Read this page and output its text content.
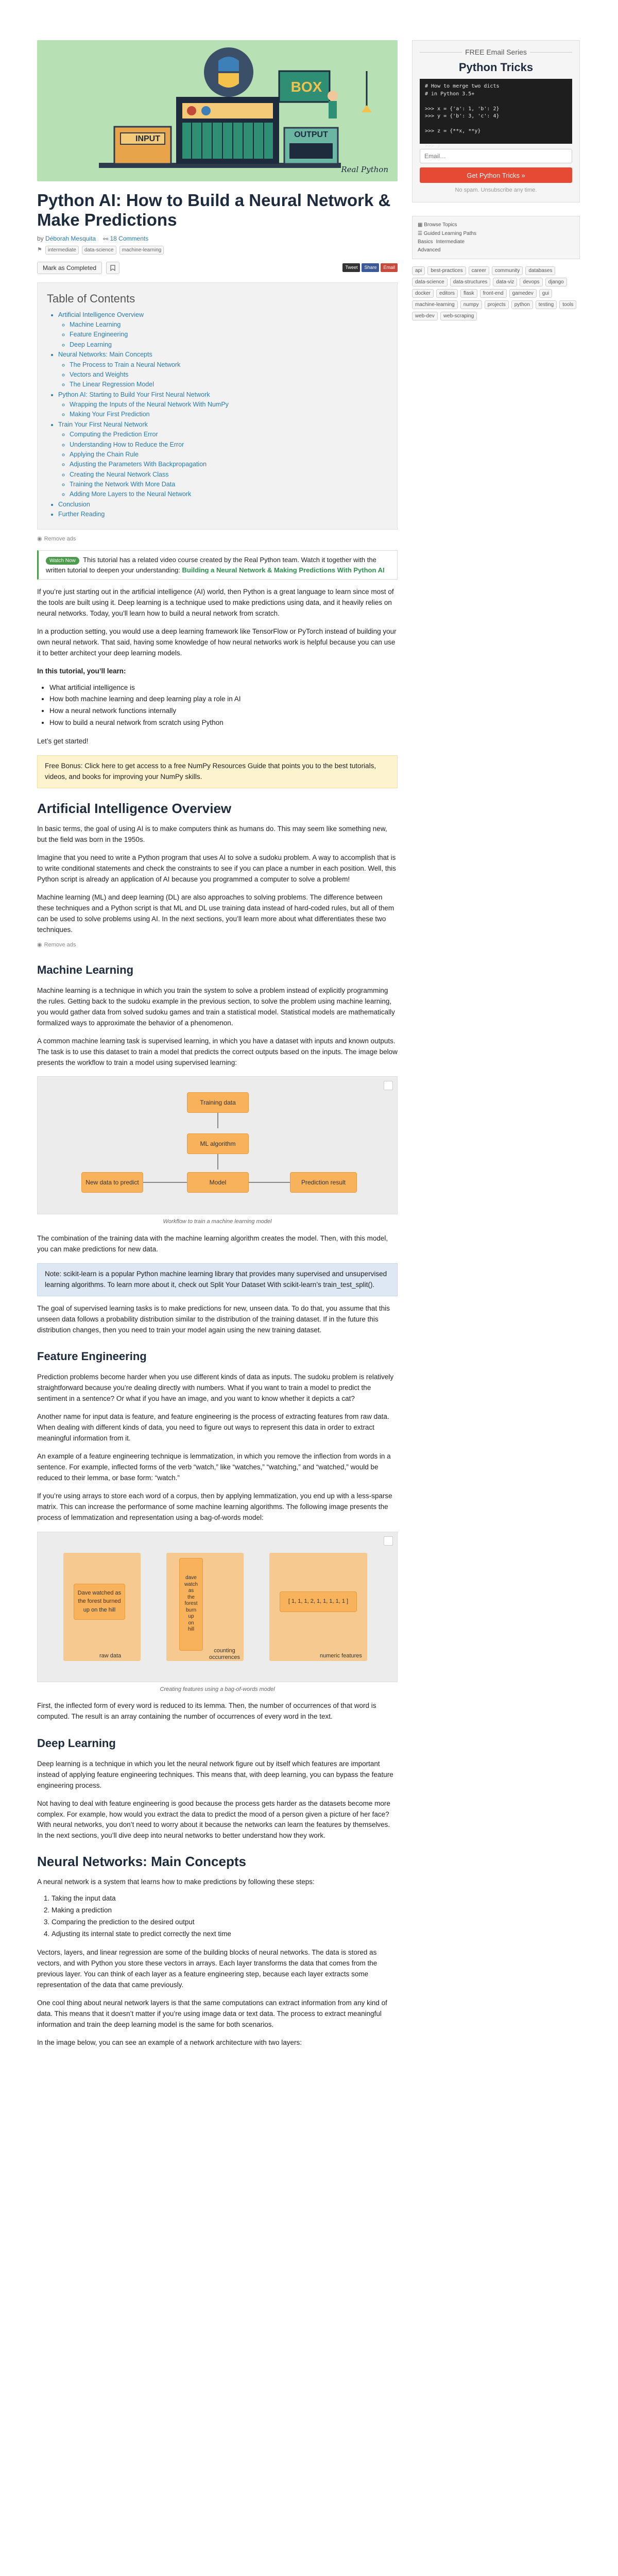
INPUT
BOX
OUTPUT
Real Python
Python AI: How to Build a Neural Network & Make Predictions
by Déborah Mesquita ⚯ 18 Comments
⚑	intermediate	data-science	machine-learning
Mark as Completed	Tweet	Share	Email
Table of Contents
• Artificial Intelligence Overview
◦ Machine Learning
◦ Feature Engineering
◦ Deep Learning
• Neural Networks: Main Concepts
◦ The Process to Train a Neural Network
◦ Vectors and Weights
◦ The Linear Regression Model
• Python AI: Starting to Build Your First Neural Network
◦ Wrapping the Inputs of the Neural Network With NumPy
◦ Making Your First Prediction
• Train Your First Neural Network
◦ Computing the Prediction Error
◦ Understanding How to Reduce the Error
◦ Applying the Chain Rule
◦ Adjusting the Parameters With Backpropagation
◦ Creating the Neural Network Class
◦ Training the Network With More Data
◦ Adding More Layers to the Neural Network
• Conclusion
• Further Reading
◉ Remove ads
Watch Now This tutorial has a related video course created by the Real Python team. Watch it together with the written tutorial to deepen your understanding: Building a Neural Network & Making Predictions With Python AI

If you’re just starting out in the artificial intelligence (AI) world, then Python is a great language to learn since most of the tools are built using it. Deep learning is a technique used to make predictions using data, and it heavily relies on neural networks. Today, you’ll learn how to build a neural network from scratch.

In a production setting, you would use a deep learning framework like TensorFlow or PyTorch instead of building your own neural network. That said, having some knowledge of how neural networks work is helpful because you can use it to better architect your deep learning models.

In this tutorial, you’ll learn:

• What artificial intelligence is
• How both machine learning and deep learning play a role in AI
• How a neural network functions internally
• How to build a neural network from scratch using Python

Let’s get started!

Free Bonus: Click here to get access to a free NumPy Resources Guide that points you to the best tutorials, videos, and books for improving your NumPy skills.
Artificial Intelligence Overview

In basic terms, the goal of using AI is to make computers think as humans do. This may seem like something new, but the field was born in the 1950s.

Imagine that you need to write a Python program that uses AI to solve a sudoku problem. A way to accomplish that is to write conditional statements and check the constraints to see if you can place a number in each position. Well, this Python script is already an application of AI because you programmed a computer to solve a problem!

Machine learning (ML) and deep learning (DL) are also approaches to solving problems. The difference between these techniques and a Python script is that ML and DL use training data instead of hard-coded rules, but all of them can be used to solve problems using AI. In the next sections, you’ll learn more about what differentiates these two techniques.

◉ Remove ads
Machine Learning

Machine learning is a technique in which you train the system to solve a problem instead of explicitly programming the rules. Getting back to the sudoku example in the previous section, to solve the problem using machine learning, you would gather data from solved sudoku games and train a statistical model. Statistical models are mathematically formalized ways to approximate the behavior of a phenomenon.

A common machine learning task is supervised learning, in which you have a dataset with inputs and known outputs. The task is to use this dataset to train a model that predicts the correct outputs based on the inputs. The image below presents the workflow to train a model using supervised learning:

Training data
ML algorithm
New data to predict	Model	Prediction result
Workflow to train a machine learning model

The combination of the training data with the machine learning algorithm creates the model. Then, with this model, you can make predictions for new data.

Note: scikit-learn is a popular Python machine learning library that provides many supervised and unsupervised learning algorithms. To learn more about it, check out Split Your Dataset With scikit-learn’s train_test_split().

The goal of supervised learning tasks is to make predictions for new, unseen data. To do that, you assume that this unseen data follows a probability distribution similar to the distribution of the training dataset. If in the future this distribution changes, then you need to train your model again using the new training dataset.

Feature Engineering

Prediction problems become harder when you use different kinds of data as inputs. The sudoku problem is relatively straightforward because you’re dealing directly with numbers. What if you want to train a model to predict the sentiment in a sentence? Or what if you have an image, and you want to know whether it depicts a cat?

Another name for input data is feature, and feature engineering is the process of extracting features from raw data. When dealing with different kinds of data, you need to figure out ways to represent this data in order to extract meaningful information from it.

An example of a feature engineering technique is lemmatization, in which you remove the inflection from words in a sentence. For example, inflected forms of the verb “watch,” like “watches,” “watching,” and “watched,” would be reduced to their lemma, or base form: “watch.”

If you’re using arrays to store each word of a corpus, then by applying lemmatization, you end up with a less-sparse matrix. This can increase the performance of some machine learning algorithms. The following image presents the process of lemmatization and representation using a bag-of-words model:

Dave watched as the forest burned up on the hill
dave
watch
as
the
forest
burn
up
on
hill
[ 1, 1, 1, 2, 1, 1, 1, 1, 1 ]
raw data
counting occurrences	numeric features
Creating features using a bag-of-words model

First, the inflected form of every word is reduced to its lemma. Then, the number of occurrences of that word is computed. The result is an array containing the number of occurrences of every word in the text.

Deep Learning

Deep learning is a technique in which you let the neural network figure out by itself which features are important instead of applying feature engineering techniques. This means that, with deep learning, you can bypass the feature engineering process.

Not having to deal with feature engineering is good because the process gets harder as the datasets become more complex. For example, how would you extract the data to predict the mood of a person given a picture of her face? With neural networks, you don’t need to worry about it because the networks can learn the features by themselves. In the next sections, you’ll dive deep into neural networks to better understand how they work.

Neural Networks: Main Concepts

A neural network is a system that learns how to make predictions by following these steps:

1. Taking the input data
2. Making a prediction
3. Comparing the prediction to the desired output
4. Adjusting its internal state to predict correctly the next time

Vectors, layers, and linear regression are some of the building blocks of neural networks. The data is stored as vectors, and with Python you store these vectors in arrays. Each layer transforms the data that comes from the previous layer. You can think of each layer as a feature engineering step, because each layer extracts some representation of the data that came previously.

One cool thing about neural network layers is that the same computations can extract information from any kind of data. This means that it doesn’t matter if you’re using image data or text data. The process to extract meaningful information and train the deep learning model is the same for both scenarios.

In the image below, you can see an example of a network architecture with two layers:

FREE Email Series
Python Tricks
# How to merge two dicts
# in Python 3.5+

>>> x = {'a': 1, 'b': 2}
>>> y = {'b': 3, 'c': 4}

>>> z = {**x, **y}

>>> z

Email… Get Python Tricks »
No spam. Unsubscribe any time.
▦ Browse Topics
☰ Guided Learning Paths
Basics Intermediate
Advanced
api	best-practices	career	community	databases
data-science	data-structures	data-viz	devops	django
docker	editors	flask	front-end	gamedev	gui
machine-learning	numpy	projects	python	testing	tools
web-dev	web-scraping
